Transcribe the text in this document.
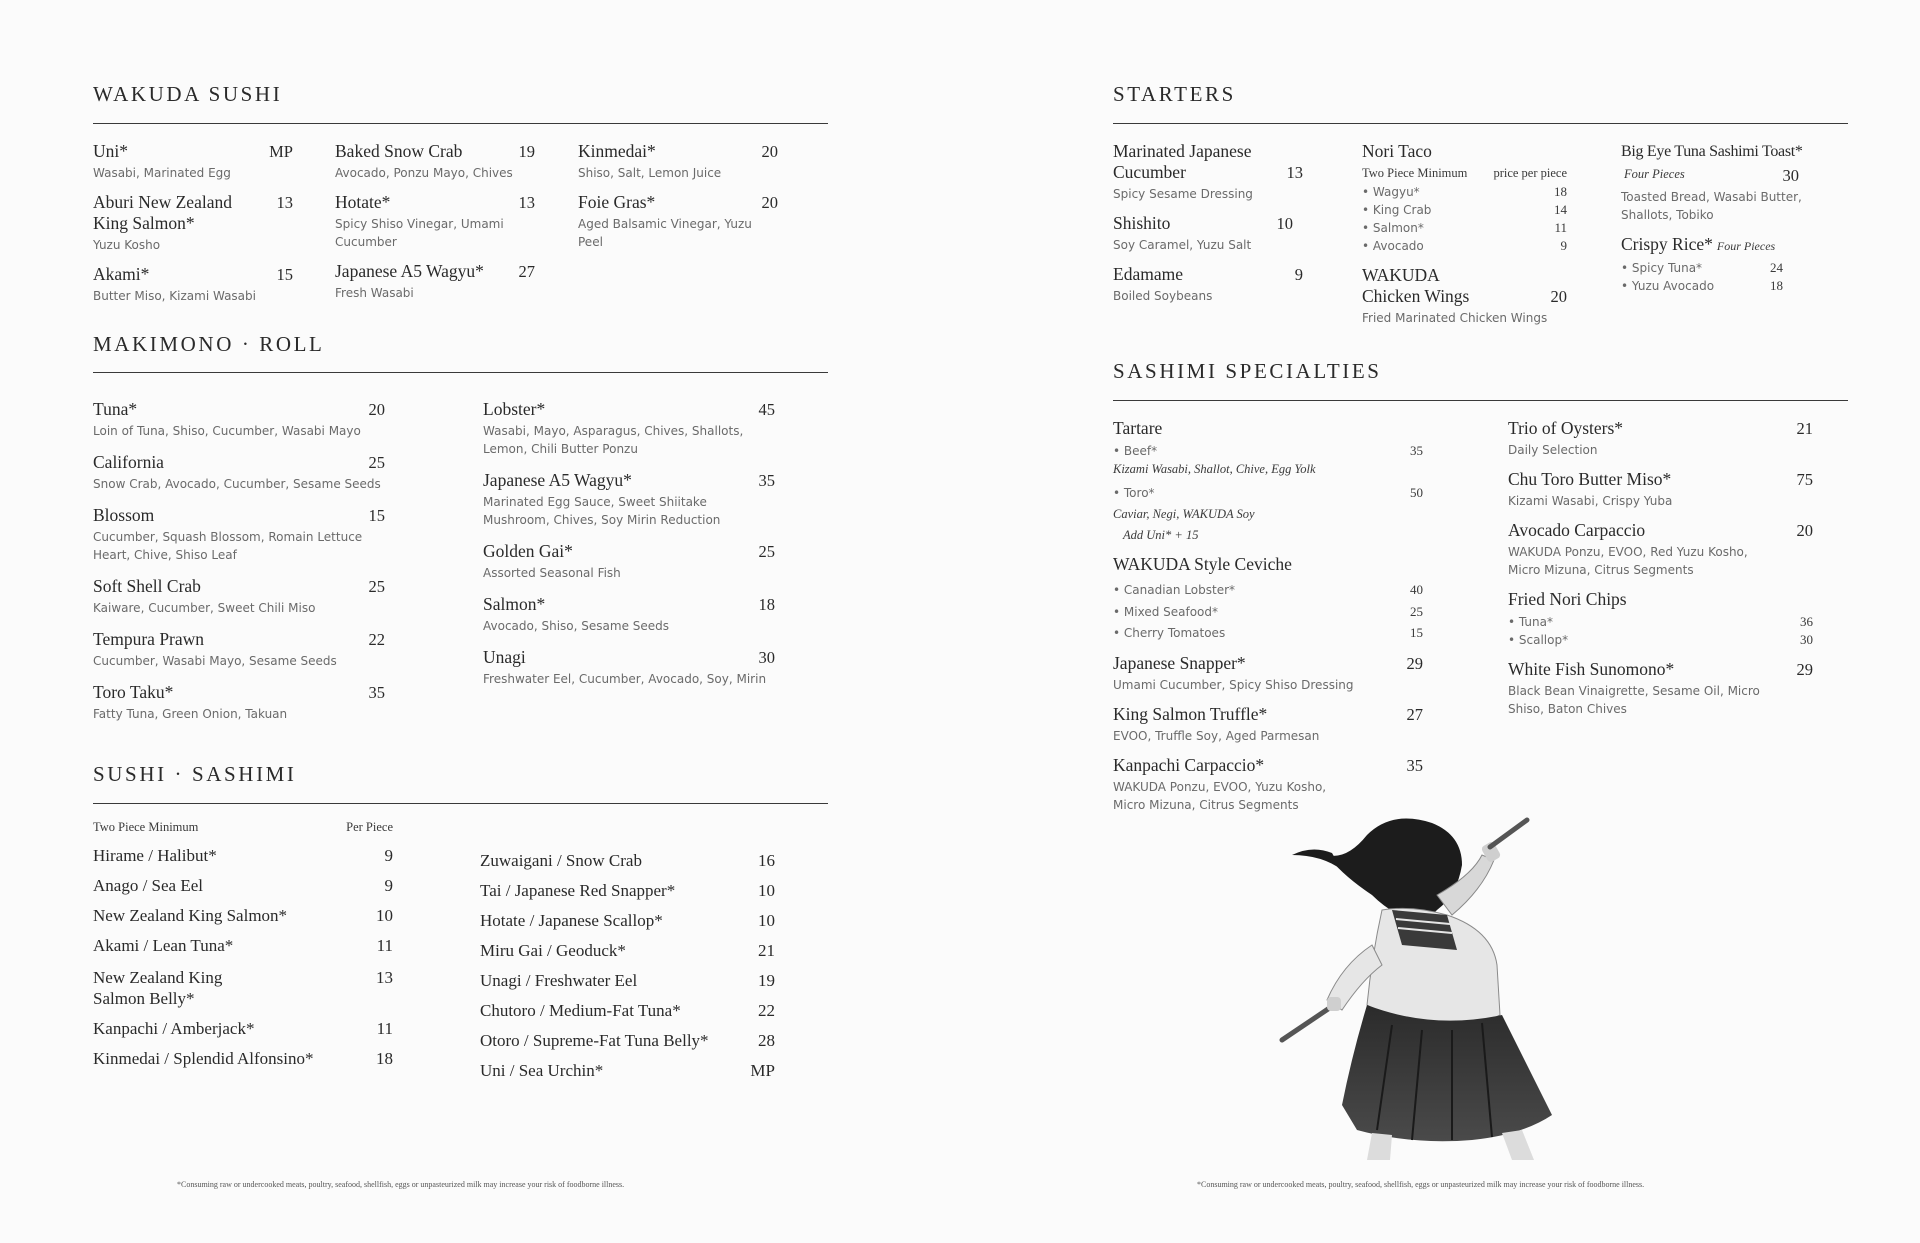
WAKUDA SUSHI
Uni*	MP
Wasabi, Marinated Egg
Aburi New Zealand King Salmon*
13
Yuzu Kosho
Akami*	15
Butter Miso, Kizami Wasabi
Baked Snow Crab	19
Avocado, Ponzu Mayo, Chives
Hotate*	13
Spicy Shiso Vinegar, Umami Cucumber
Japanese A5 Wagyu*	27
Fresh Wasabi
Kinmedai*	20
Shiso, Salt, Lemon Juice
Foie Gras*	20
Aged Balsamic Vinegar, Yuzu Peel
MAKIMONO · ROLL
Tuna*	20
Loin of Tuna, Shiso, Cucumber, Wasabi Mayo
California	25
Snow Crab, Avocado, Cucumber, Sesame Seeds
Blossom	15
Cucumber, Squash Blossom, Romain Lettuce Heart, Chive, Shiso Leaf
Soft Shell Crab	25
Kaiware, Cucumber, Sweet Chili Miso
Tempura Prawn	22
Cucumber, Wasabi Mayo, Sesame Seeds
Toro Taku*	35
Fatty Tuna, Green Onion, Takuan
Lobster*	45
Wasabi, Mayo, Asparagus, Chives, Shallots, Lemon, Chili Butter Ponzu
Japanese A5 Wagyu*	35
Marinated Egg Sauce, Sweet Shiitake Mushroom, Chives, Soy Mirin Reduction
Golden Gai*	25
Assorted Seasonal Fish
Salmon*	18
Avocado, Shiso, Sesame Seeds
Unagi	30
Freshwater Eel, Cucumber, Avocado, Soy, Mirin
SUSHI · SASHIMI
Two Piece Minimum	Per Piece
Hirame / Halibut*	9
Anago / Sea Eel	9
New Zealand King Salmon*	10
Akami / Lean Tuna*	11
New Zealand King Salmon Belly*
13
Kanpachi / Amberjack*	11
Kinmedai / Splendid Alfonsino*	18
Zuwaigani / Snow Crab	16
Tai / Japanese Red Snapper*	10
Hotate / Japanese Scallop*	10
Miru Gai / Geoduck*	21
Unagi / Freshwater Eel	19
Chutoro / Medium-Fat Tuna*	22
Otoro / Supreme-Fat Tuna Belly*	28
Uni / Sea Urchin*	MP
*Consuming raw or undercooked meats, poultry, seafood, shellfish, eggs or unpasteurized milk may increase your risk of foodborne illness.
STARTERS
Marinated Japanese Cucumber	13
Spicy Sesame Dressing
Shishito	10
Soy Caramel, Yuzu Salt
Edamame	9
Boiled Soybeans
Nori Taco
Two Piece Minimum price per piece
• Wagyu*	18
• King Crab	14
• Salmon*	11
• Avocado	9
WAKUDA Chicken Wings	20
Fried Marinated Chicken Wings
Big Eye Tuna Sashimi Toast*
Four Pieces	30
Toasted Bread, Wasabi Butter, Shallots, Tobiko
Crispy Rice* Four Pieces
• Spicy Tuna*	24
• Yuzu Avocado	18
SASHIMI SPECIALTIES
Tartare
• Beef*	35
Kizami Wasabi, Shallot, Chive, Egg Yolk
• Toro*	50
Caviar, Negi, WAKUDA Soy
Add Uni* + 15
WAKUDA Style Ceviche
• Canadian Lobster*	40
• Mixed Seafood*	25
• Cherry Tomatoes	15
Japanese Snapper*	29
Umami Cucumber, Spicy Shiso Dressing
King Salmon Truffle*	27
EVOO, Truffle Soy, Aged Parmesan
Kanpachi Carpaccio*	35
WAKUDA Ponzu, EVOO, Yuzu Kosho, Micro Mizuna, Citrus Segments
Trio of Oysters*	21
Daily Selection
Chu Toro Butter Miso*	75
Kizami Wasabi, Crispy Yuba
Avocado Carpaccio	20
WAKUDA Ponzu, EVOO, Red Yuzu Kosho, Micro Mizuna, Citrus Segments
Fried Nori Chips
• Tuna*	36
• Scallop*	30
White Fish Sunomono*	29
Black Bean Vinaigrette, Sesame Oil, Micro Shiso, Baton Chives
*Consuming raw or undercooked meats, poultry, seafood, shellfish, eggs or unpasteurized milk may increase your risk of foodborne illness.
